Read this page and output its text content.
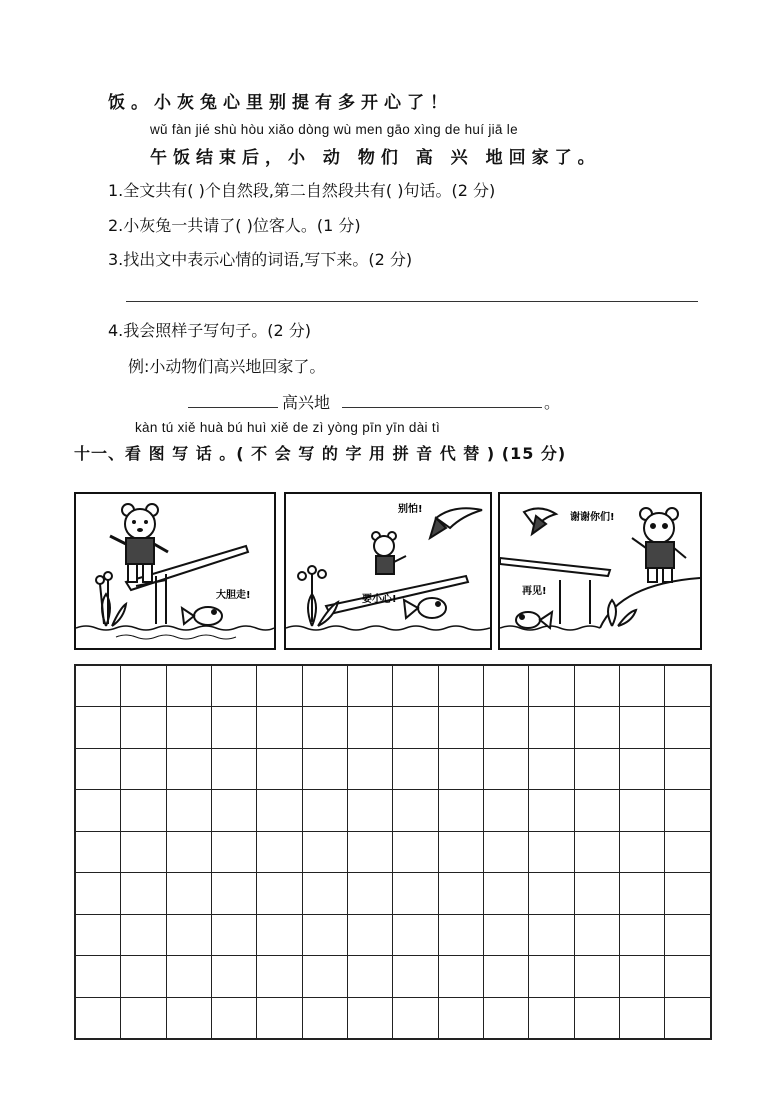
饭。小灰兔心里别提有多开心了！
wǔ fàn jié shù hòu xiǎo dòng wù men gāo xìng de huí jiā le
午饭结束后，小 动 物们 高 兴 地回家了。
1.全文共有( )个自然段,第二自然段共有( )句话。(2 分)
2.小灰兔一共请了( )位客人。(1 分)
3.找出文中表示心情的词语,写下来。(2 分)
4.我会照样子写句子。(2 分)
例:小动物们高兴地回家了。
高兴地	。
kàn tú xiě huà bú huì xiě de zì yòng pīn yīn dài tì
十一、看 图 写 话 。( 不 会 写 的 字 用 拼 音 代 替 ) (15 分)
大胆走!
别怕!
要小心!
谢谢你们!
再见!
